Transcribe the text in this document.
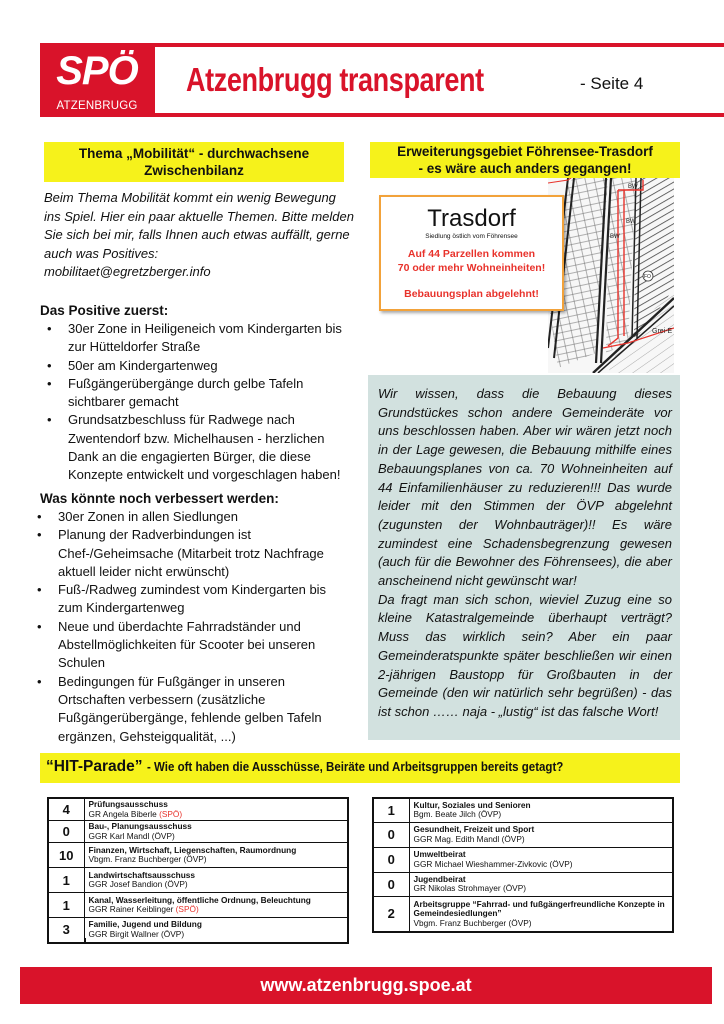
SPÖ
ATZENBRUGG
Atzenbrugg transparent	- Seite 4
Thema „Mobilität“ - durchwachsene Zwischenbilanz
Beim Thema Mobilität kommt ein wenig Bewegung ins Spiel. Hier ein paar aktuelle Themen. Bitte melden Sie sich bei mir, falls Ihnen auch etwas auffällt, gerne auch was Positives:
mobilitaet@egretzberger.info
Das Positive zuerst:
• 30er Zone in Heiligeneich vom Kindergarten bis zur Hütteldorfer Straße
• 50er am Kindergartenweg
• Fußgängerübergänge durch gelbe Tafeln sichtbarer gemacht
• Grundsatzbeschluss für Radwege nach Zwentendorf bzw. Michelhausen - herzlichen Dank an die engagierten Bürger, die diese Konzepte entwickelt und vorgeschlagen haben!
Was könnte noch verbessert werden:
• 30er Zonen in allen Siedlungen
• Planung der Radverbindungen ist Chef-/Geheimsache (Mitarbeit trotz Nachfrage aktuell leider nicht erwünscht)
• Fuß-/Radweg zumindest vom Kindergarten bis zum Kindergartenweg
• Neue und überdachte Fahrradständer und Abstellmöglichkeiten für Scooter bei unseren Schulen
• Bedingungen für Fußgänger in unseren Ortschaften verbessern (zusätzliche Fußgängerübergänge, fehlende gelben Tafeln ergänzen, Gehsteigqualität, ...)
Erweiterungsgebiet Föhrensee-Trasdorf
- es wäre auch anders gegangen!
BW
BW
BW
FO
Grei-E
Trasdorf
Siedlung östlich vom Föhrensee
Auf 44 Parzellen kommen
70 oder mehr Wohneinheiten!
Bebauungsplan abgelehnt!
Wir wissen, dass die Bebauung dieses Grundstückes schon andere Gemeinderäte vor uns beschlossen haben. Aber wir wären jetzt noch in der Lage gewesen, die Bebauung mithilfe eines Bebauungsplanes von ca. 70 Wohneinheiten auf 44 Einfamilienhäuser zu reduzieren!!! Das wurde leider mit den Stimmen der ÖVP abgelehnt (zugunsten der Wohnbauträger)!! Es wäre zumindest eine Schadensbegrenzung gewesen (auch für die Bewohner des Föhrensees), die aber anscheinend nicht gewünscht war!
Da fragt man sich schon, wieviel Zuzug eine so kleine Katastralgemeinde überhaupt verträgt? Muss das wirklich sein? Aber ein paar Gemeinderatspunkte später beschließen wir einen 2-jährigen Baustopp für Großbauten in der Gemeinde (den wir natürlich sehr begrüßen) - das ist schon …… naja - „lustig“ ist das falsche Wort!
“HIT-Parade” - Wie oft haben die Ausschüsse, Beiräte und Arbeitsgruppen bereits getagt?
4	Prüfungsausschuss
GR Angela Biberle (SPÖ)

0	Bau-, Planungsausschuss
GGR Karl Mandl (ÖVP)

10	Finanzen, Wirtschaft, Liegenschaften, Raumordnung
Vbgm. Franz Buchberger (ÖVP)

1	Landwirtschaftsausschuss
GGR Josef Bandion (ÖVP)

1	Kanal, Wasserleitung, öffentliche Ordnung, Beleuchtung
GGR Rainer Keiblinger (SPÖ)

3	Familie, Jugend und Bildung
GGR Birgit Wallner (ÖVP)
1	Kultur, Soziales und Senioren
Bgm. Beate Jilch (ÖVP)

0	Gesundheit, Freizeit und Sport
GGR Mag. Edith Mandl (ÖVP)

0	Umweltbeirat
GGR Michael Wieshammer-Zivkovic (ÖVP)

0	Jugendbeirat
GR Nikolas Strohmayer (ÖVP)

2	Arbeitsgruppe “Fahrrad- und fußgängerfreundliche Konzepte in Gemeindesiedlungen”
Vbgm. Franz Buchberger (ÖVP)
www.atzenbrugg.spoe.at
